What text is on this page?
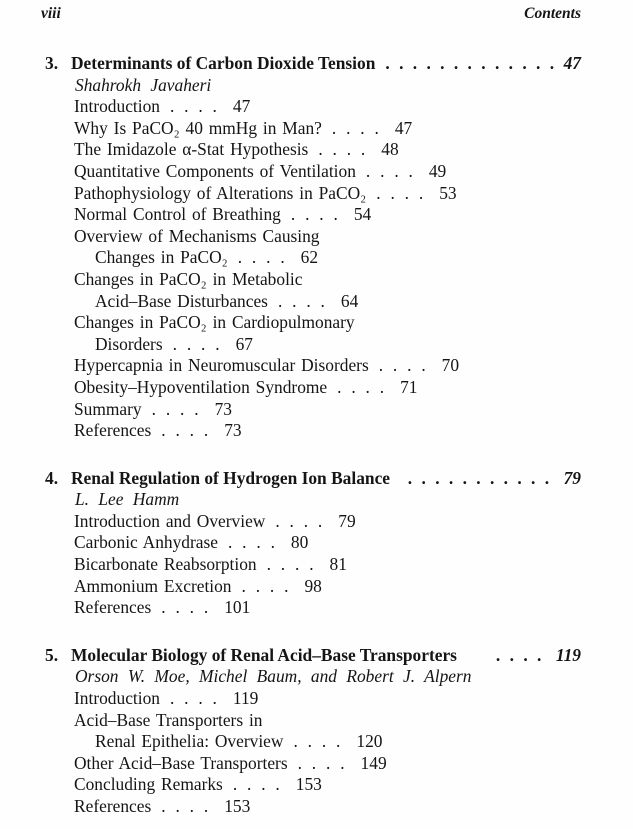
viii	Contents
3. Determinants of Carbon Dioxide Tension . . . . . . . . . . . . . 47
Shahrokh Javaheri
Introduction . . . . 47
Why Is PaCO₂ 40 mmHg in Man? . . . . 47
The Imidazole α-Stat Hypothesis . . . . 48
Quantitative Components of Ventilation . . . . 49
Pathophysiology of Alterations in PaCO₂ . . . . 53
Normal Control of Breathing . . . . 54
Overview of Mechanisms Causing
Changes in PaCO₂ . . . . 62
Changes in PaCO₂ in Metabolic
Acid–Base Disturbances . . . . 64
Changes in PaCO₂ in Cardiopulmonary
Disorders . . . . 67
Hypercapnia in Neuromuscular Disorders . . . . 70
Obesity–Hypoventilation Syndrome . . . . 71
Summary . . . . 73
References . . . . 73
4. Renal Regulation of Hydrogen Ion Balance	. . . . . . . . . . . 79
L. Lee Hamm
Introduction and Overview . . . . 79
Carbonic Anhydrase . . . . 80
Bicarbonate Reabsorption . . . . 81
Ammonium Excretion . . . . 98
References . . . . 101
5. Molecular Biology of Renal Acid–Base Transporters	. . . . 119
Orson W. Moe, Michel Baum, and Robert J. Alpern
Introduction . . . . 119
Acid–Base Transporters in
Renal Epithelia: Overview . . . . 120
Other Acid–Base Transporters . . . . 149
Concluding Remarks . . . . 153
References . . . . 153
